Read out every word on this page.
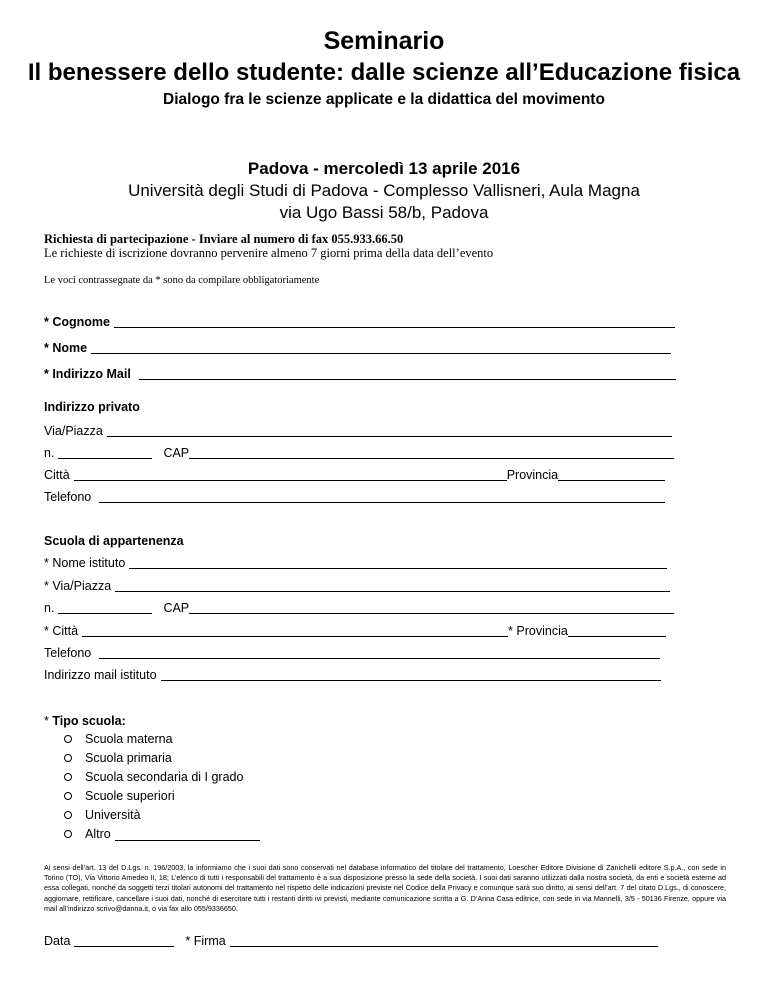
Seminario
Il benessere dello studente: dalle scienze all’Educazione fisica
Dialogo fra le scienze applicate e la didattica del movimento
Padova - mercoledì 13 aprile 2016
Università degli Studi di Padova - Complesso Vallisneri, Aula Magna
via Ugo Bassi 58/b, Padova
Richiesta di partecipazione - Inviare al numero di fax 055.933.66.50
Le richieste di iscrizione dovranno pervenire almeno 7 giorni prima della data dell’evento
Le voci contrassegnate da * sono da compilare obbligatoriamente
* Cognome
* Nome
* Indirizzo Mail
Indirizzo privato
Via/Piazza
n.	CAP
Città	Provincia
Telefono
Scuola di appartenenza
* Nome istituto
* Via/Piazza
n.	CAP
* Città	* Provincia
Telefono
Indirizzo mail istituto
* Tipo scuola:
Scuola materna
Scuola primaria
Scuola secondaria di I grado
Scuole superiori
Università
Altro
Ai sensi dell’art. 13 del D.Lgs. n. 196/2003, la informiamo che i suoi dati sono conservati nel database informatico del titolare del trattamento, Loescher Editore Divisione di Zanichelli editore S.p.A., con sede in Torino (TO), Via Vittorio Amedeo II, 18; L’elenco di tutti i responsabili del trattamento è a sua disposizione presso la sede della società. I suoi dati saranno utilizzati dalla nostra società, da enti e società esterne ad essa collegati, nonché da soggetti terzi titolari autonomi del trattamento nel rispetto delle indicazioni previste nel Codice della Privacy e comunque sarà suo diritto, ai sensi dell’art. 7 del citato D.Lgs., di conoscere, aggiornare, rettificare, cancellare i suoi dati, nonché di esercitare tutti i restanti diritti ivi previsti, mediante comunicazione scritta a G. D’Anna Casa editrice, con sede in via Mannelli, 3/5 - 50136 Firenze, oppure via mail all’indirizzo scrivo@danna.it, o via fax allo 055/9336650.
Data	* Firma
